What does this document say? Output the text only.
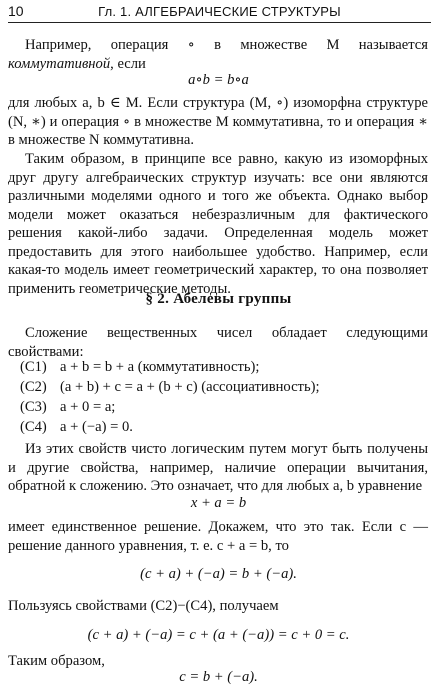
10	Гл. 1. АЛГЕБРАИЧЕСКИЕ СТРУКТУРЫ

Например, операция ∘ в множестве M называется коммутативной, если

a∘b = b∘a

для любых a, b ∈ M. Если структура (M, ∘) изоморфна структуре (N, ∗) и операция ∘ в множестве M коммутативна, то и операция ∗ в множестве N коммутативна.

Таким образом, в принципе все равно, какую из изоморфных друг другу алгебраических структур изучать: все они являются различными моделями одного и того же объекта. Однако выбор модели может оказаться небезразличным для фактического решения какой-либо задачи. Определенная модель может предоставить для этого наибольшее удобство. Например, если какая-то модель имеет геометрический характер, то она позволяет применить геометрические методы.

§ 2. Абелевы группы

Сложение вещественных чисел обладает следующими свойствами:

(C1) a + b = b + a (коммутативность);

(C2) (a + b) + c = a + (b + c) (ассоциативность);

(C3) a + 0 = a;

(C4) a + (−a) = 0.

Из этих свойств чисто логическим путем могут быть получены и другие свойства, например, наличие операции вычитания, обратной к сложению. Это означает, что для любых a, b уравнение

x + a = b

имеет единственное решение. Докажем, что это так. Если c — решение данного уравнения, т. е. c + a = b, то

(c + a) + (−a) = b + (−a).

Пользуясь свойствами (C2)−(C4), получаем

(c + a) + (−a) = c + (a + (−a)) = c + 0 = c.

Таким образом,

c = b + (−a).
